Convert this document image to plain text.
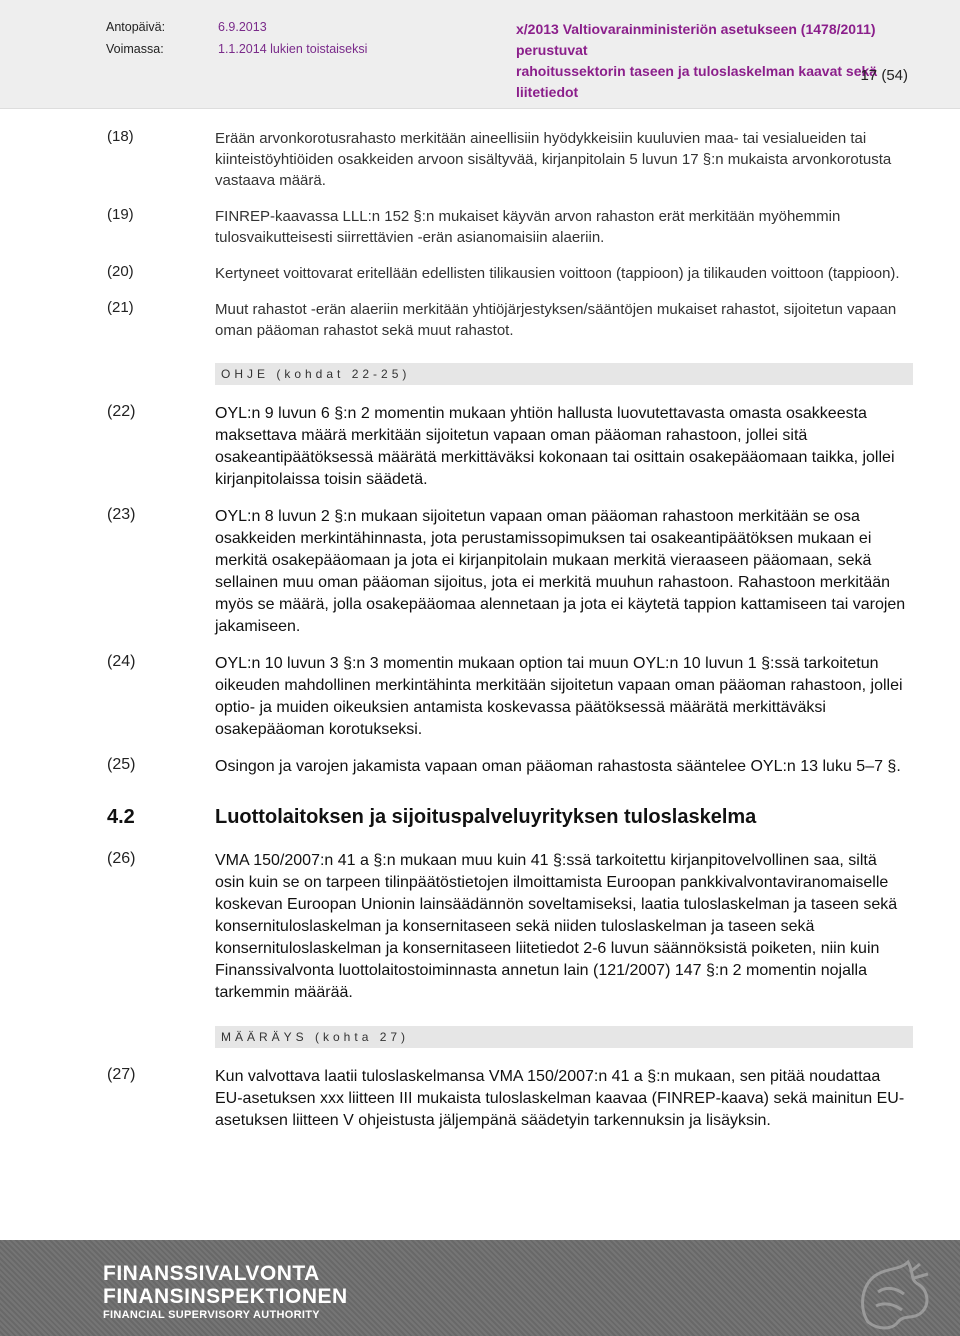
Antopäivä:	6.9.2013
Voimassa:	1.1.2014 lukien toistaiseksi
x/2013 Valtiovarainministeriön asetukseen (1478/2011) perustuvat
rahoitussektorin taseen ja tuloslaskelman kaavat sekä liitetiedot
17 (54)
(18)	Erään arvonkorotusrahasto merkitään aineellisiin hyödykkeisiin kuuluvien maa- tai vesialueiden tai kiinteistöyhtiöiden osakkeiden arvoon sisältyvää, kirjanpitolain 5 luvun 17 §:n mukaista arvonkorotusta vastaava määrä.
(19)	FINREP-kaavassa LLL:n 152 §:n mukaiset käyvän arvon rahaston erät merkitään myöhemmin tulosvaikutteisesti siirrettävien -erän asianomaisiin alaeriin.
(20)	Kertyneet voittovarat eritellään edellisten tilikausien voittoon (tappioon) ja tilikauden voittoon (tappioon).
(21)	Muut rahastot -erän alaeriin merkitään yhtiöjärjestyksen/sääntöjen mukaiset rahastot, sijoitetun vapaan oman pääoman rahastot sekä muut rahastot.
OHJE (kohdat 22-25)
(22)	OYL:n 9 luvun 6 §:n 2 momentin mukaan yhtiön hallusta luovutettavasta omasta osakkeesta maksettava määrä merkitään sijoitetun vapaan oman pääoman rahastoon, jollei sitä osakeantipäätöksessä määrätä merkittäväksi kokonaan tai osittain osakepääomaan taikka, jollei kirjanpitolaissa toisin säädetä.
(23)	OYL:n 8 luvun 2 §:n mukaan sijoitetun vapaan oman pääoman rahastoon merkitään se osa osakkeiden merkintähinnasta, jota perustamissopimuksen tai osakeantipäätöksen mukaan ei merkitä osakepääomaan ja jota ei kirjanpitolain mukaan merkitä vieraaseen pääomaan, sekä sellainen muu oman pääoman sijoitus, jota ei merkitä muuhun rahastoon. Rahastoon merkitään myös se määrä, jolla osakepääomaa alennetaan ja jota ei käytetä tappion kattamiseen tai varojen jakamiseen.
(24)	OYL:n 10 luvun 3 §:n 3 momentin mukaan option tai muun OYL:n 10 luvun 1 §:ssä tarkoitetun oikeuden mahdollinen merkintähinta merkitään sijoitetun vapaan oman pääoman rahastoon, jollei optio- ja muiden oikeuksien antamista koskevassa päätöksessä määrätä merkittäväksi osakepääoman korotukseksi.
(25)	Osingon ja varojen jakamista vapaan oman pääoman rahastosta sääntelee OYL:n 13 luku 5–7 §.
4.2	Luottolaitoksen ja sijoituspalveluyrityksen tuloslaskelma
(26)	VMA 150/2007:n 41 a §:n mukaan muu kuin 41 §:ssä tarkoitettu kirjanpitovelvollinen saa, siltä osin kuin se on tarpeen tilinpäätöstietojen ilmoittamista Euroopan pankkivalvontaviranomaiselle koskevan Euroopan Unionin lainsäädännön soveltamiseksi, laatia tuloslaskelman ja taseen sekä konsernituloslaskelman ja konsernitaseen sekä niiden tuloslaskelman ja taseen sekä konsernituloslaskelman ja konsernitaseen liitetiedot 2-6 luvun säännöksistä poiketen, niin kuin Finanssivalvonta luottolaitostoiminnasta annetun lain (121/2007) 147 §:n 2 momentin nojalla tarkemmin määrää.
MÄÄRÄYS (kohta 27)
(27)	Kun valvottava laatii tuloslaskelmansa VMA 150/2007:n 41 a §:n mukaan, sen pitää noudattaa EU-asetuksen xxx liitteen III mukaista tuloslaskelman kaavaa (FINREP-kaava) sekä mainitun EU-asetuksen liitteen V ohjeistusta jäljempänä säädetyin tarkennuksin ja lisäyksin.
FINANSSIVALVONTA
FINANSINSPEKTIONEN
FINANCIAL SUPERVISORY AUTHORITY
